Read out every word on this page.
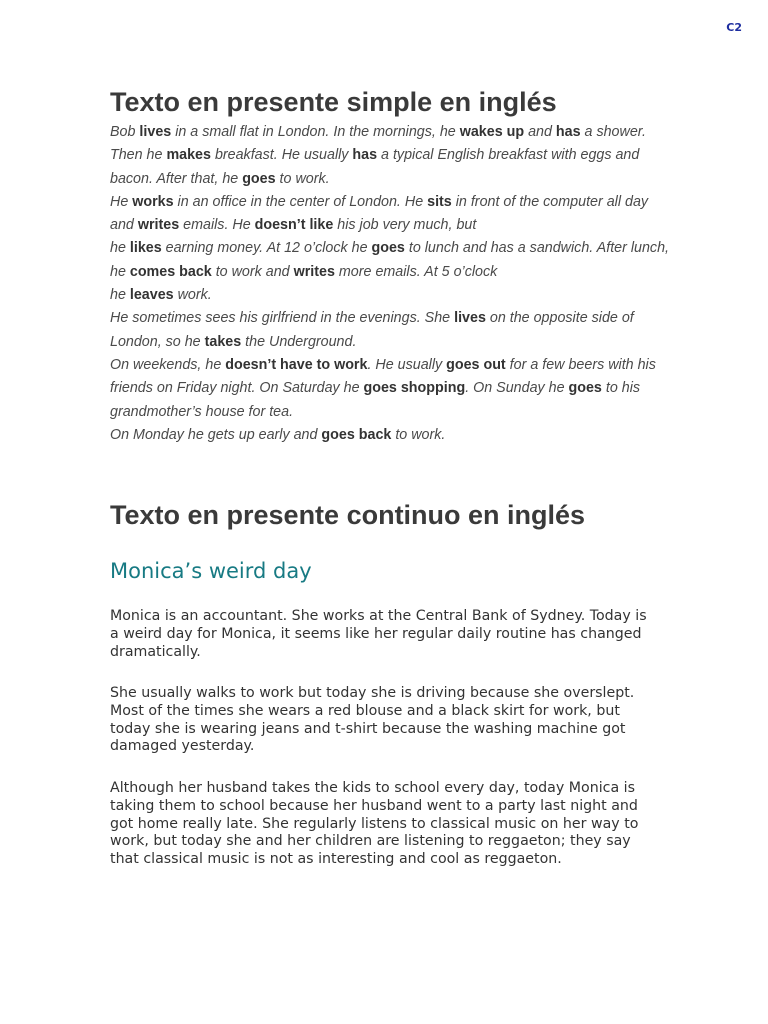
C2
Texto en presente simple en inglés

Bob lives in a small flat in London. In the mornings, he wakes up and has a shower. Then he makes breakfast. He usually has a typical English breakfast with eggs and bacon. After that, he goes to work.

He works in an office in the center of London. He sits in front of the computer all day and writes emails. He doesn’t like his job very much, but
he likes earning money. At 12 o’clock he goes to lunch and has a sandwich. After lunch, he comes back to work and writes more emails. At 5 o’clock
he leaves work.

He sometimes sees his girlfriend in the evenings. She lives on the opposite side of London, so he takes the Underground.

On weekends, he doesn’t have to work. He usually goes out for a few beers with his friends on Friday night. On Saturday he goes shopping. On Sunday he goes to his grandmother’s house for tea.

On Monday he gets up early and goes back to work.

Texto en presente continuo en inglés
Monica’s weird day

Monica is an accountant. She works at the Central Bank of Sydney. Today is a weird day for Monica, it seems like her regular daily routine has changed dramatically.

She usually walks to work but today she is driving because she overslept. Most of the times she wears a red blouse and a black skirt for work, but today she is wearing jeans and t-shirt because the washing machine got damaged yesterday.

Although her husband takes the kids to school every day, today Monica is taking them to school because her husband went to a party last night and got home really late. She regularly listens to classical music on her way to work, but today she and her children are listening to reggaeton; they say that classical music is not as interesting and cool as reggaeton.
